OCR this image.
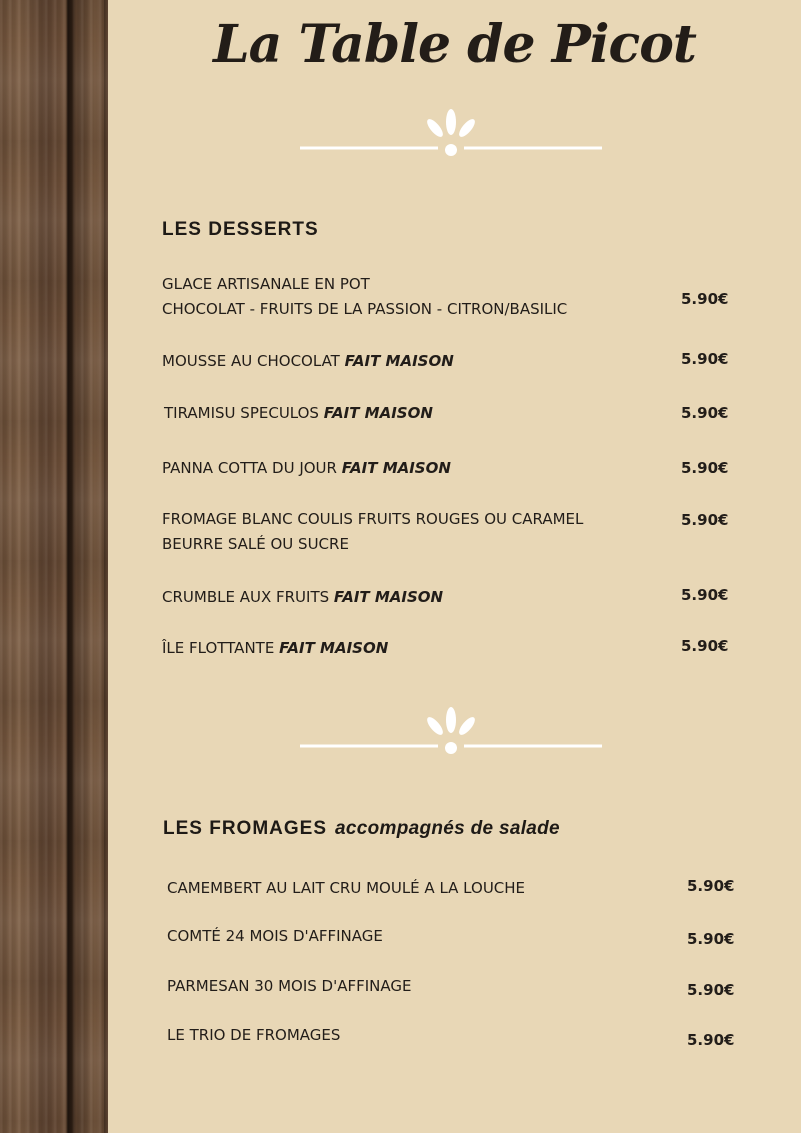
La Table de Picot
LES DESSERTS
GLACE ARTISANALE EN POT
CHOCOLAT - FRUITS DE LA PASSION - CITRON/BASILIC
5.90€
MOUSSE AU CHOCOLAT FAIT MAISON	5.90€
TIRAMISU SPECULOS FAIT MAISON	5.90€
PANNA COTTA DU JOUR FAIT MAISON	5.90€
FROMAGE BLANC COULIS FRUITS ROUGES OU CARAMEL
BEURRE SALÉ OU SUCRE
5.90€
CRUMBLE AUX FRUITS FAIT MAISON	5.90€
ÎLE FLOTTANTE FAIT MAISON	5.90€
LES FROMAGES accompagnés de salade
CAMEMBERT AU LAIT CRU MOULÉ A LA LOUCHE	5.90€
COMTÉ 24 MOIS D'AFFINAGE	5.90€
PARMESAN 30 MOIS D'AFFINAGE	5.90€
LE TRIO DE FROMAGES	5.90€
